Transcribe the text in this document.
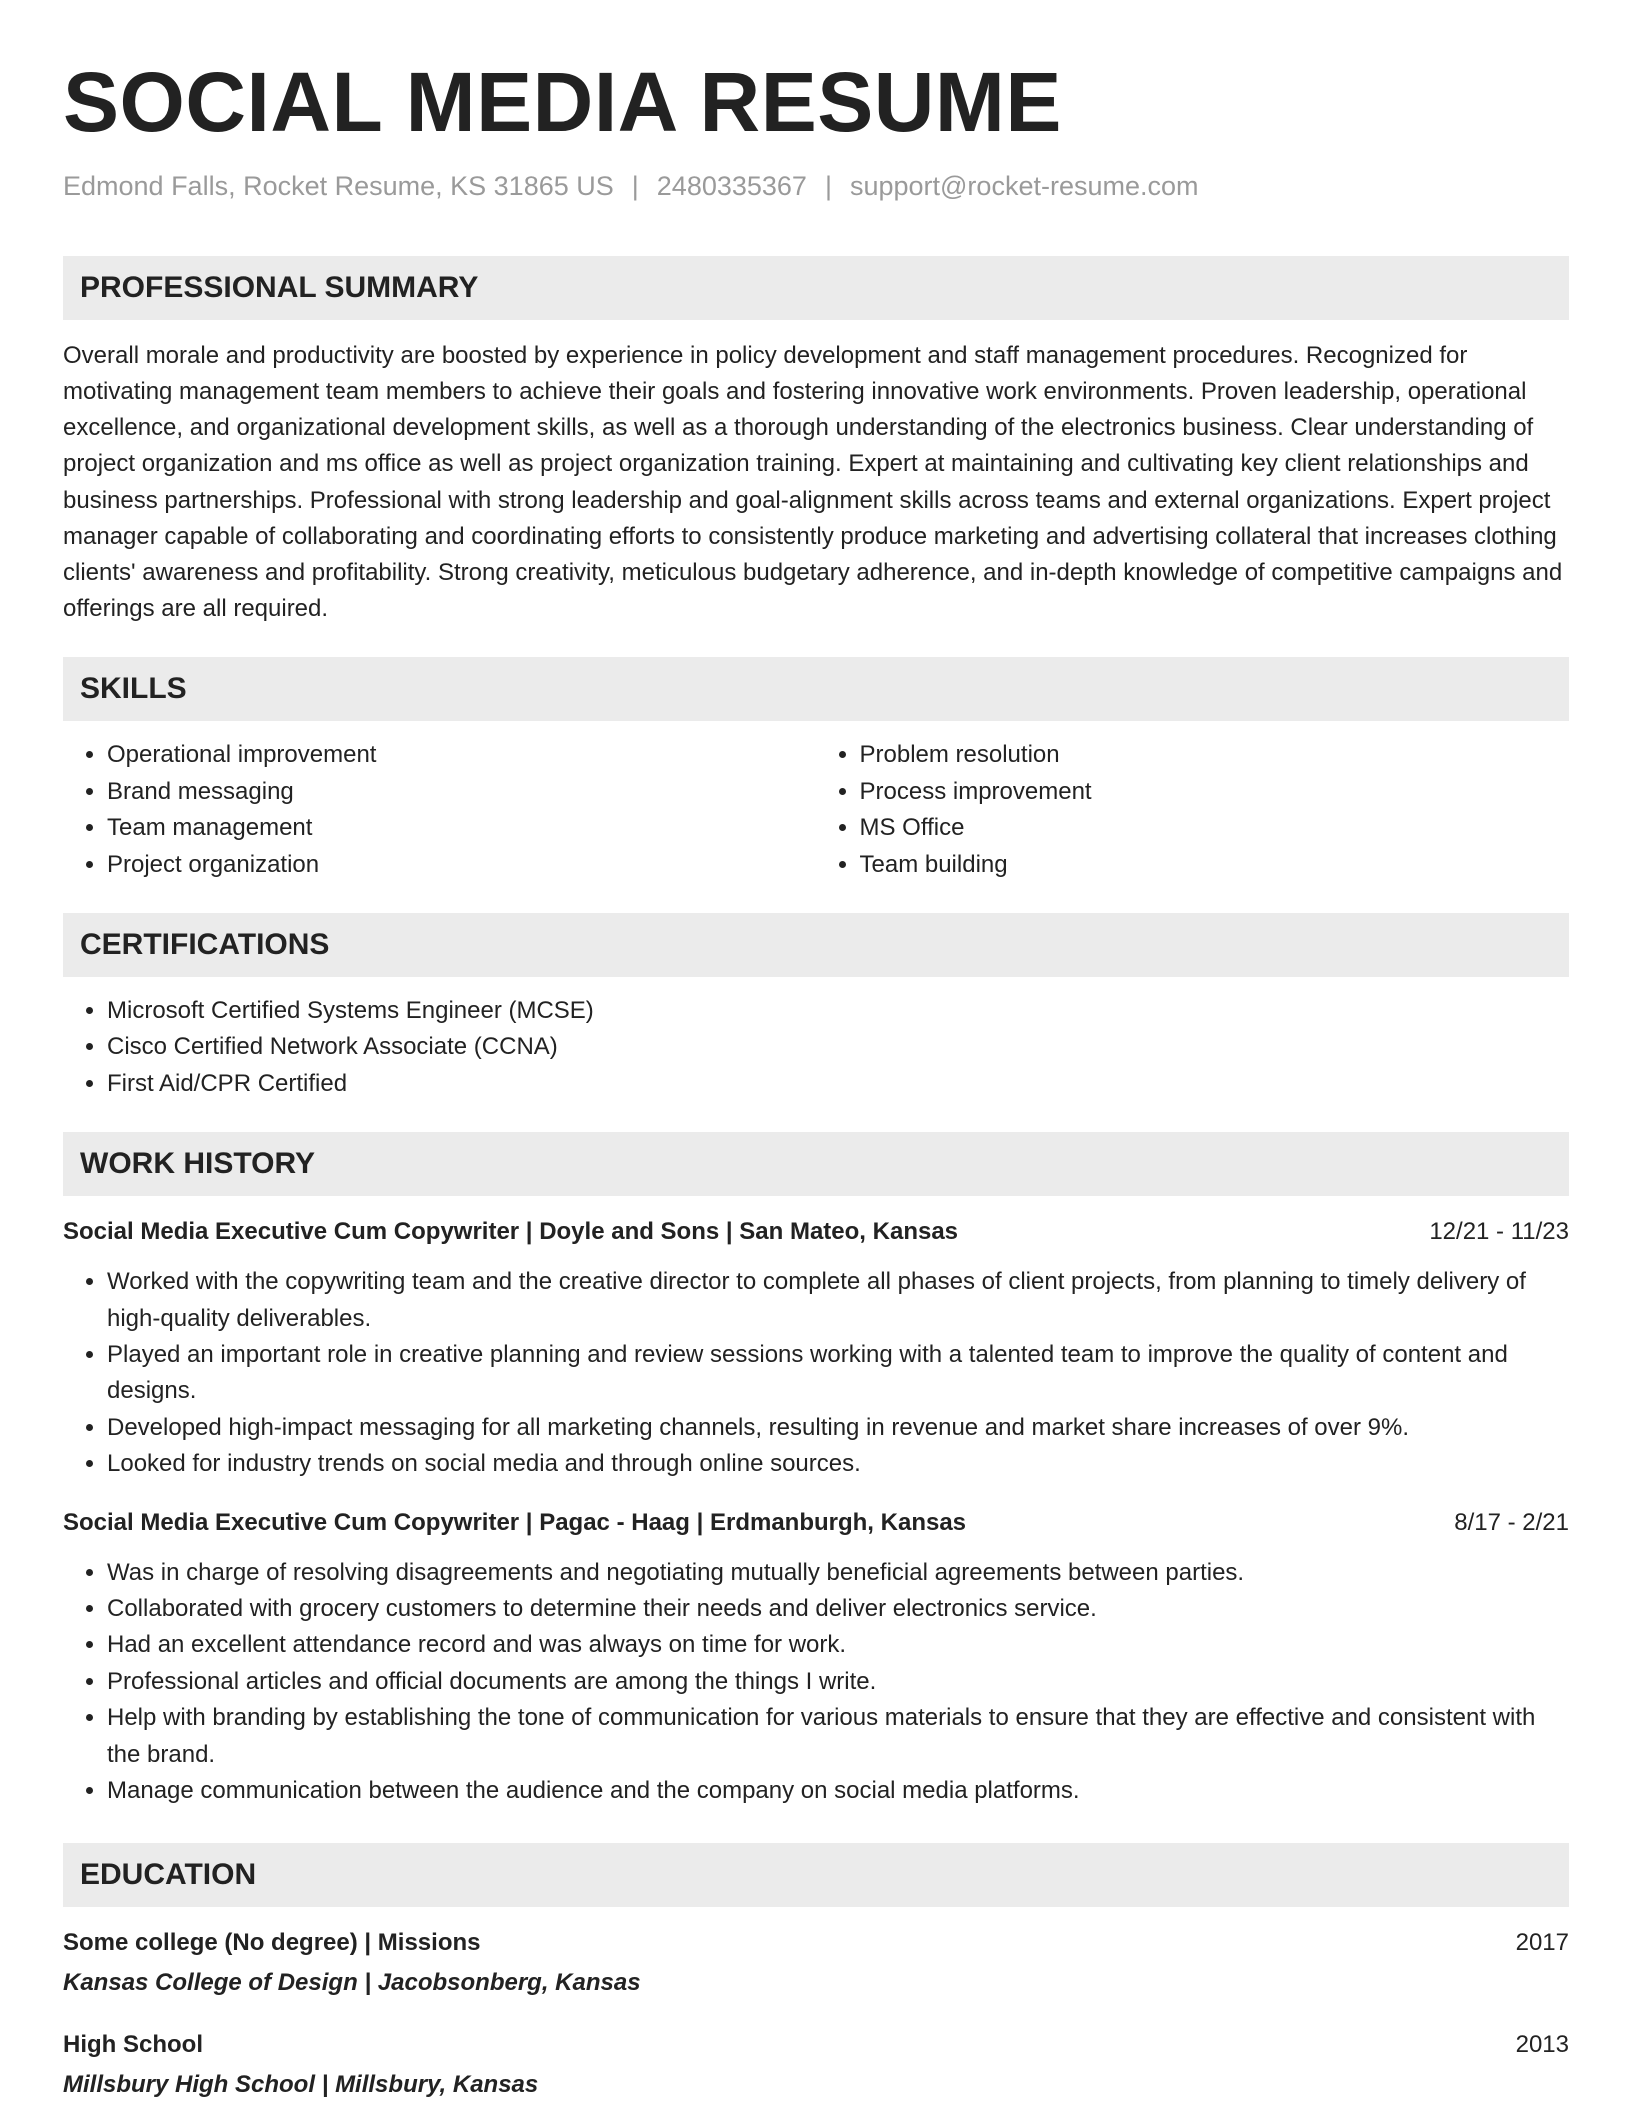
SOCIAL MEDIA RESUME
Edmond Falls, Rocket Resume, KS 31865 US | 2480335367 | support@rocket-resume.com
PROFESSIONAL SUMMARY

Overall morale and productivity are boosted by experience in policy development and staff management procedures. Recognized for motivating management team members to achieve their goals and fostering innovative work environments. Proven leadership, operational excellence, and organizational development skills, as well as a thorough understanding of the electronics business. Clear understanding of project organization and ms office as well as project organization training. Expert at maintaining and cultivating key client relationships and business partnerships. Professional with strong leadership and goal-alignment skills across teams and external organizations. Expert project manager capable of collaborating and coordinating efforts to consistently produce marketing and advertising collateral that increases clothing clients' awareness and profitability. Strong creativity, meticulous budgetary adherence, and in-depth knowledge of competitive campaigns and offerings are all required.

SKILLS
• Operational improvement
• Brand messaging
• Team management
• Project organization
• Problem resolution
• Process improvement
• MS Office
• Team building
CERTIFICATIONS
• Microsoft Certified Systems Engineer (MCSE)
• Cisco Certified Network Associate (CCNA)
• First Aid/CPR Certified
WORK HISTORY
Social Media Executive Cum Copywriter | Doyle and Sons | San Mateo, Kansas	12/21 - 11/23
• Worked with the copywriting team and the creative director to complete all phases of client projects, from planning to timely delivery of high-quality deliverables.
• Played an important role in creative planning and review sessions working with a talented team to improve the quality of content and designs.
• Developed high-impact messaging for all marketing channels, resulting in revenue and market share increases of over 9%.
• Looked for industry trends on social media and through online sources.
Social Media Executive Cum Copywriter | Pagac - Haag | Erdmanburgh, Kansas	8/17 - 2/21
• Was in charge of resolving disagreements and negotiating mutually beneficial agreements between parties.
• Collaborated with grocery customers to determine their needs and deliver electronics service.
• Had an excellent attendance record and was always on time for work.
• Professional articles and official documents are among the things I write.
• Help with branding by establishing the tone of communication for various materials to ensure that they are effective and consistent with the brand.
• Manage communication between the audience and the company on social media platforms.
EDUCATION
Some college (No degree) | Missions	2017
Kansas College of Design | Jacobsonberg, Kansas
High School	2013
Millsbury High School | Millsbury, Kansas
